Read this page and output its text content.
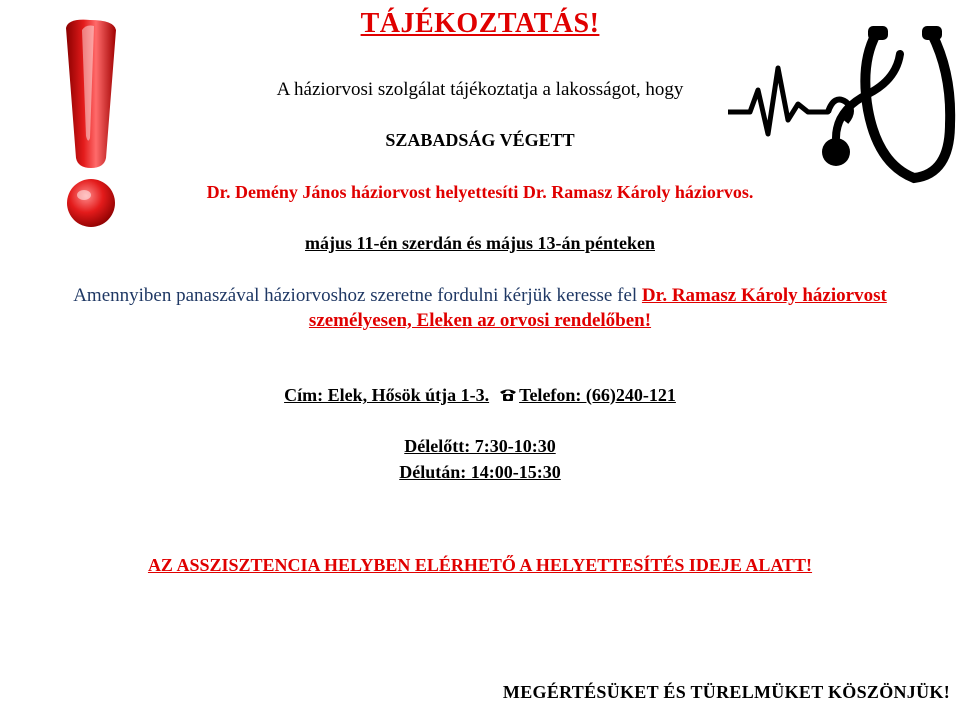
TÁJÉKOZTATÁS!
A háziorvosi szolgálat tájékoztatja a lakosságot, hogy
SZABADSÁG VÉGETT
Dr. Demény János háziorvost helyettesíti Dr. Ramasz Károly háziorvos.
május 11-én szerdán és május 13-án pénteken
Amennyiben panaszával háziorvoshoz szeretne fordulni kérjük keresse fel Dr. Ramasz Károly háziorvost személyesen, Eleken az orvosi rendelőben!
Cím: Elek, Hősök útja 1-3. Telefon: (66)240-121
Délelőtt: 7:30-10:30
Délután: 14:00-15:30
AZ ASSZISZTENCIA HELYBEN ELÉRHETŐ A HELYETTESÍTÉS IDEJE ALATT!
MEGÉRTÉSÜKET ÉS TÜRELMÜKET KÖSZÖNJÜK!
